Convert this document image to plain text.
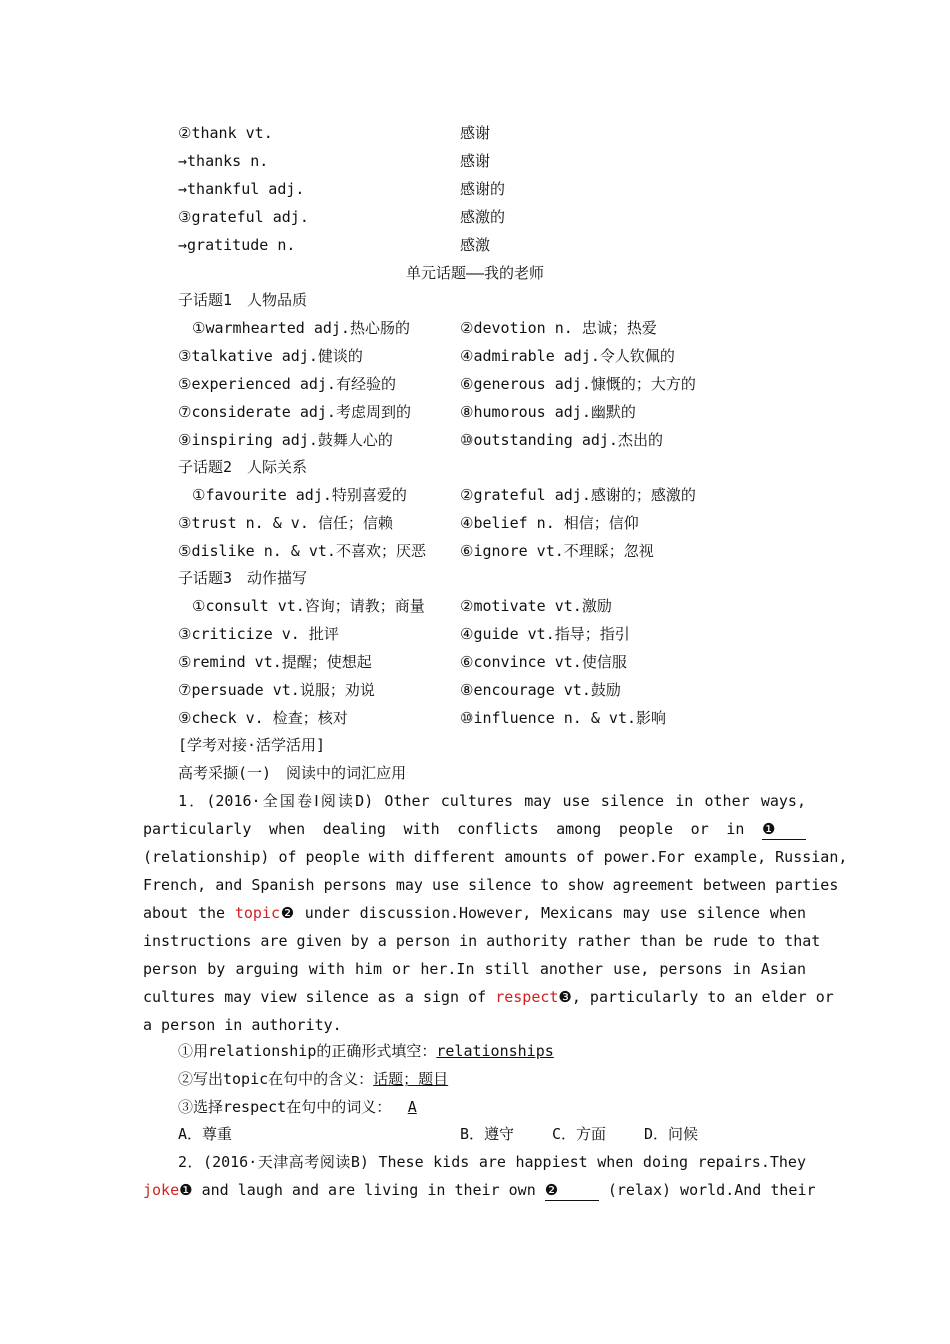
②thank vt.	感谢
→thanks n.	感谢
→thankful adj.	感谢的
③grateful adj.	感激的
→gratitude n.	感激
单元话题——我的老师
子话题1　人物品质
①warmhearted adj.热心肠的	②devotion n. 忠诚；热爱
③talkative adj.健谈的	④admirable adj.令人钦佩的
⑤experienced adj.有经验的	⑥generous adj.慷慨的；大方的
⑦considerate adj.考虑周到的	⑧humorous adj.幽默的
⑨inspiring adj.鼓舞人心的	⑩outstanding adj.杰出的
子话题2　人际关系
①favourite adj.特别喜爱的	②grateful adj.感谢的；感激的
③trust n. & v. 信任；信赖	④belief n. 相信；信仰
⑤dislike n. & vt.不喜欢；厌恶 ⑥ignore vt.不理睬；忽视
子话题3　动作描写
①consult vt.咨询；请教；商量 ②motivate vt.激励
③criticize v. 批评	④guide vt.指导；指引
⑤remind vt.提醒；使想起	⑥convince vt.使信服
⑦persuade vt.说服；劝说	⑧encourage vt.鼓励
⑨check v. 检查；核对	⑩influence n. & vt.影响
[学考对接·活学活用]
高考采撷(一)　阅读中的词汇应用
1．(2016·全国卷Ⅰ阅读D) Other cultures may use silence in other ways,
particularly when dealing with conflicts among people or in ❶
(relationship) of people with different amounts of power.For example, Russian,
French, and Spanish persons may use silence to show agreement between parties
about the topic❷ under discussion.However, Mexicans may use silence when
instructions are given by a person in authority rather than be rude to that
person by arguing with him or her.In still another use, persons in Asian
cultures may view silence as a sign of respect❸, particularly to an elder or
a person in authority.
①用relationship的正确形式填空：relationships
②写出topic在句中的含义：话题；题目
③选择respect在句中的词义： A
A．尊重	B．遵守	C．方面	D．问候
2．(2016·天津高考阅读B) These kids are happiest when doing repairs.They
joke❶ and laugh and are living in their own ❷	(relax) world.And their
